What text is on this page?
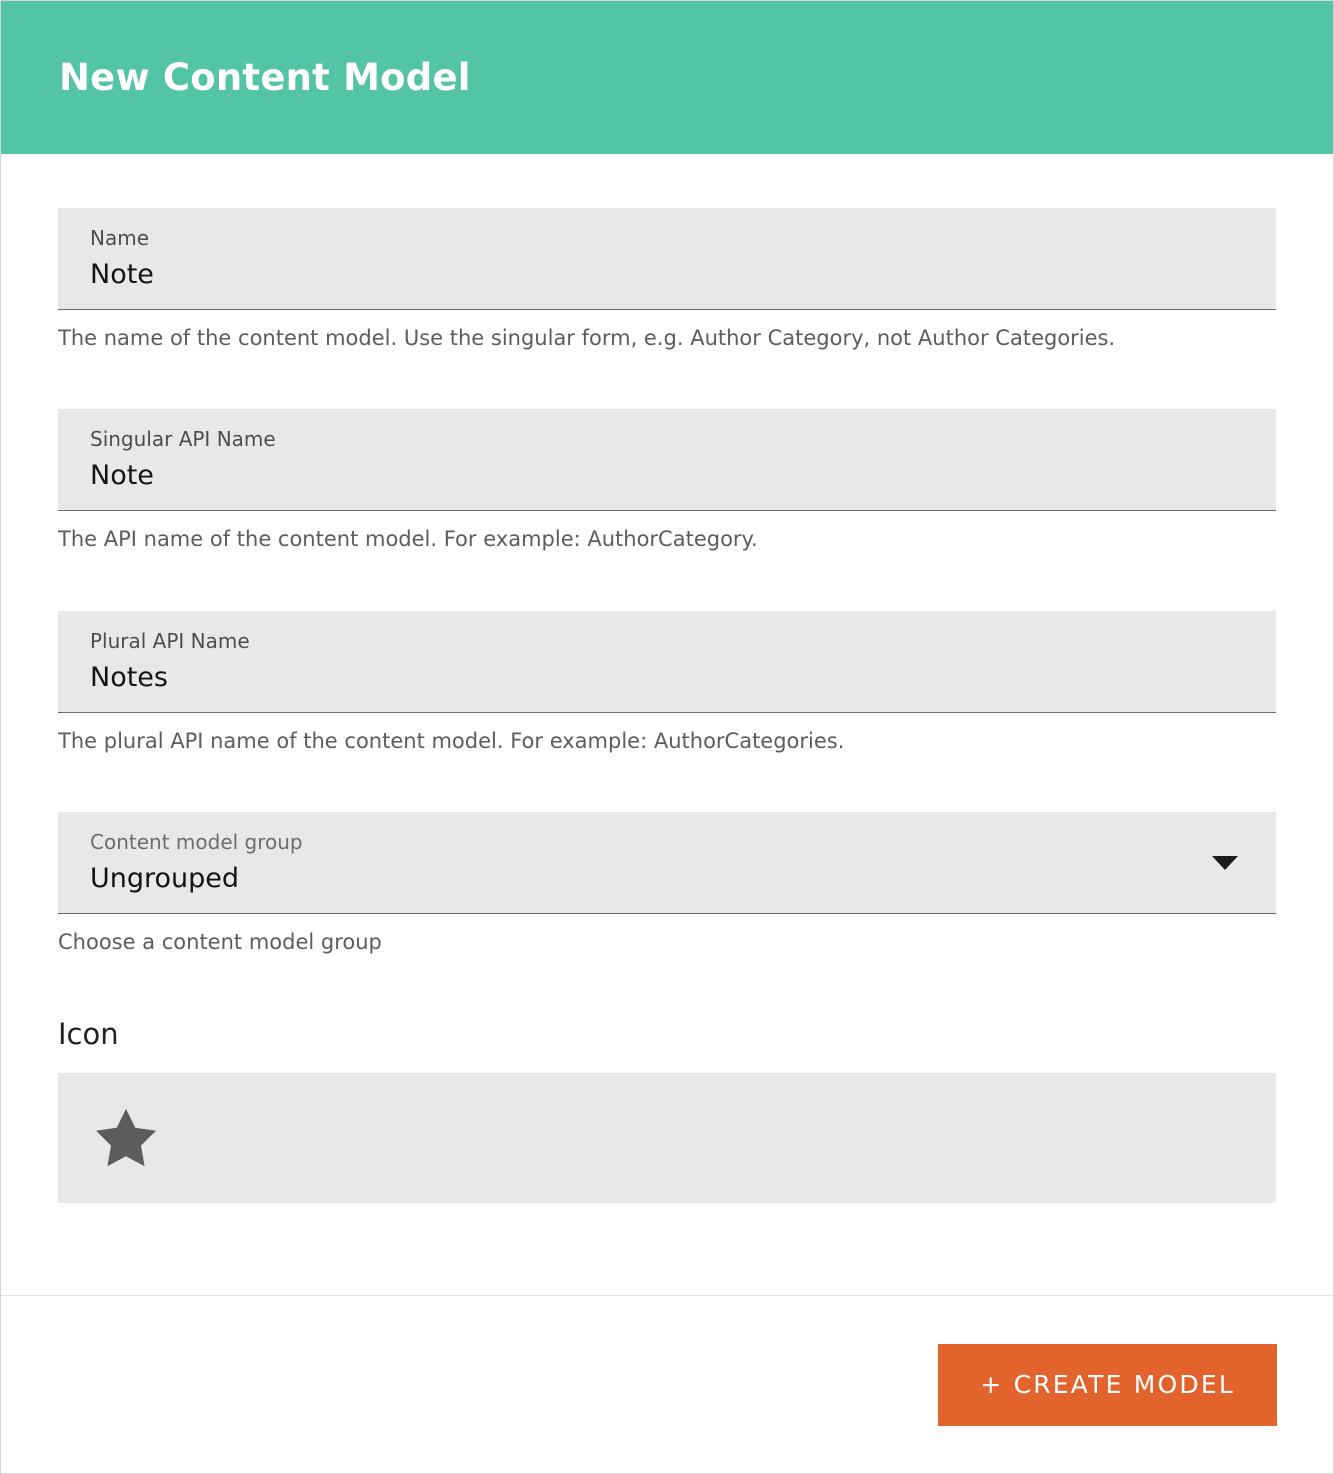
New Content Model
Name
Note
The name of the content model. Use the singular form, e.g. Author Category, not Author Categories.
Singular API Name
Note
The API name of the content model. For example: AuthorCategory.
Plural API Name
Notes
The plural API name of the content model. For example: AuthorCategories.
Content model group
Ungrouped
Choose a content model group
Icon
+ CREATE MODEL
